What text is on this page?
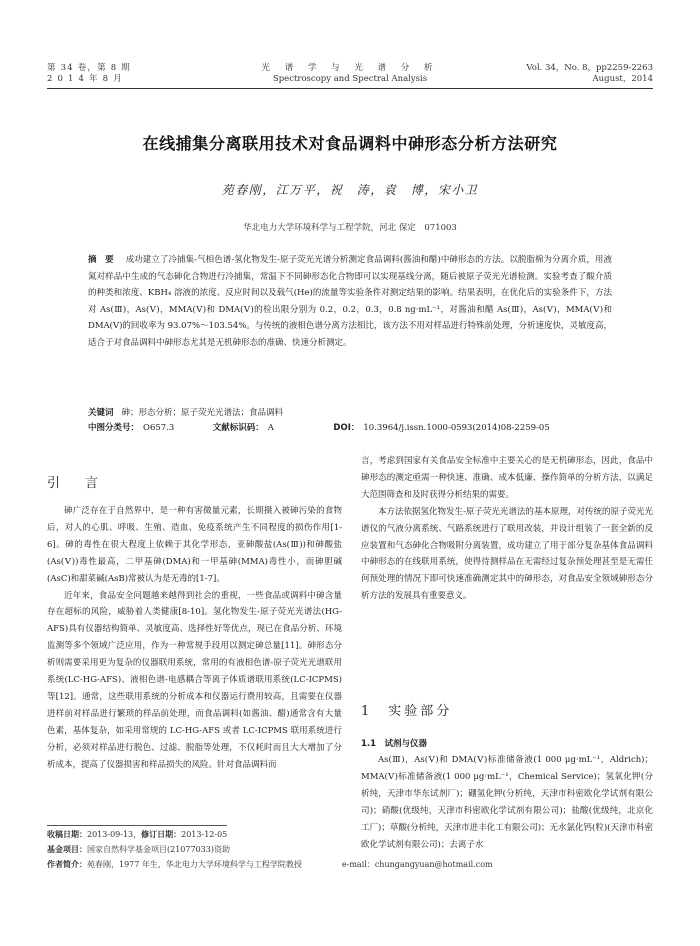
第 34 卷，第 8 期
2 0 1 4 年 8 月
光 谱 学 与 光 谱 分 析
Spectroscopy and Spectral Analysis
Vol. 34，No. 8，pp2259-2263
August，2014
在线捕集分离联用技术对食品调料中砷形态分析方法研究
苑春刚，江万平，祝　涛，袁　博，宋小卫
华北电力大学环境科学与工程学院，河北 保定　071003
摘　要 成功建立了冷捕集-气相色谱-氢化物发生-原子荧光光谱分析测定食品调料(酱油和醋)中砷形态的方法。以脱脂棉为分离介质，用液氮对样品中生成的气态砷化合物进行冷捕集，常温下不同砷形态化合物即可以实现基线分离，随后被原子荧光光谱检测。实验考查了酸介质的种类和浓度、KBH₄ 溶液的浓度、反应时间以及载气(He)的流量等实验条件对测定结果的影响。结果表明，在优化后的实验条件下，方法对 As(Ⅲ)，As(Ⅴ)，MMA(Ⅴ)和 DMA(Ⅴ)的检出限分别为 0.2，0.2，0.3，0.8 ng·mL⁻¹，对酱油和醋 As(Ⅲ)，As(Ⅴ)，MMA(Ⅴ)和 DMA(Ⅴ)的回收率为 93.07%～103.54%。与传统的液相色谱分离方法相比，该方法不用对样品进行特殊前处理，分析速度快，灵敏度高，适合于对食品调料中砷形态尤其是无机砷形态的准确、快速分析测定。
关键词 砷；形态分析；原子荧光光谱法；食品调料
中图分类号： O657.3	文献标识码： A	DOI： 10.3964/j.issn.1000-0593(2014)08-2259-05
引　言

砷广泛存在于自然界中，是一种有害微量元素，长期摄入被砷污染的食物后，对人的心肌、呼吸、生殖、造血、免疫系统产生不同程度的损伤作用[1-6]。砷的毒性在很大程度上依赖于其化学形态，亚砷酸盐(As(Ⅲ))和砷酸盐(As(Ⅴ))毒性最高，二甲基砷(DMA)和一甲基砷(MMA)毒性小，而砷胆碱(AsC)和甜菜碱(AsB)常被认为是无毒的[1-7]。

近年来，食品安全问题越来越得到社会的重视，一些食品或调料中砷含量存在超标的风险，威胁着人类健康[8-10]。氢化物发生-原子荧光光谱法(HG-AFS)具有仪器结构简单、灵敏度高、选择性好等优点，现已在食品分析、环境监测等多个领域广泛应用，作为一种常规手段用以测定砷总量[11]。砷形态分析则需要采用更为复杂的仪器联用系统，常用的有液相色谱-原子荧光光谱联用系统(LC-HG-AFS)、液相色谱-电感耦合等离子体质谱联用系统(LC-ICPMS)等[12]。通常，这些联用系统的分析成本和仪器运行费用较高，且需要在仪器进样前对样品进行繁琐的样品前处理，而食品调料(如酱油、醋)通常含有大量色素，基体复杂，如采用常规的 LC-HG-AFS 或者 LC-ICPMS 联用系统进行分析，必须对样品进行脱色、过滤、脱脂等处理，不仅耗时而且大大增加了分析成本，提高了仪器损害和样品损失的风险。针对食品调料而

言，考虑到国家有关食品安全标准中主要关心的是无机砷形态，因此，食品中砷形态的测定亟需一种快速、准确、成本低廉、操作简单的分析方法，以满足大范围筛查和及时获得分析结果的需要。

本方法依据氢化物发生-原子荧光光谱法的基本原理，对传统的原子荧光光谱仪的气液分离系统、气路系统进行了联用改装，并设计组装了一套全新的反应装置和气态砷化合物吸附分离装置，成功建立了用于部分复杂基体食品调料中砷形态的在线联用系统，使得待测样品在无需经过复杂预处理甚至是无需任何预处理的情况下即可快速准确测定其中的砷形态，对食品安全领域砷形态分析方法的发展具有重要意义。

1　实验部分
1.1　试剂与仪器

As(Ⅲ)，As(Ⅴ)和 DMA(Ⅴ)标准储备液(1 000 μg·mL⁻¹，Aldrich)；MMA(Ⅴ)标准储备液(1 000 μg·mL⁻¹，Chemical Service)；氢氧化钾(分析纯，天津市华东试剂厂)；硼氢化钾(分析纯，天津市科密欧化学试剂有限公司)；硝酸(优级纯，天津市科密欧化学试剂有限公司)；盐酸(优级纯，北京化工厂)；草酸(分析纯，天津市进丰化工有限公司)；无水氯化钙(粒)(天津市科密欧化学试剂有限公司)；去离子水

收稿日期：2013-09-13，修订日期：2013-12-05
基金项目：国家自然科学基金项目(21077033)资助
作者简介：苑春刚，1977 年生，华北电力大学环境科学与工程学院教授	e-mail：chungangyuan@hotmail.com
